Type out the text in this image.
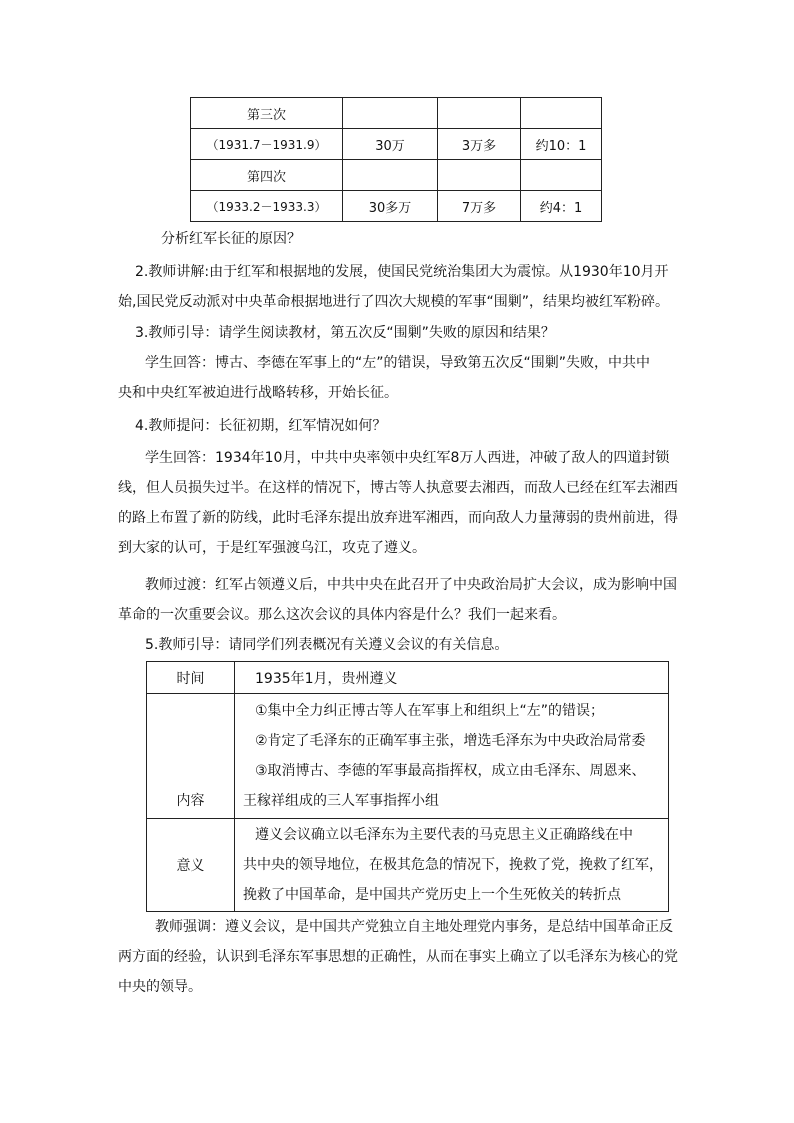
第三次			
（1931.7－1931.9）	30万	3万多	约10：1
第四次			
（1933.2－1933.3）	30多万	7万多	约4：1
分析红军长征的原因？
2.教师讲解:由于红军和根据地的发展，使国民党统治集团大为震惊。从1930年10月开
始,国民党反动派对中央革命根据地进行了四次大规模的军事“围剿”，结果均被红军粉碎。
3.教师引导：请学生阅读教材，第五次反“围剿”失败的原因和结果？
学生回答：博古、李德在军事上的“左”的错误，导致第五次反“围剿”失败，中共中
央和中央红军被迫进行战略转移，开始长征。
4.教师提问：长征初期，红军情况如何？
学生回答：1934年10月，中共中央率领中央红军8万人西进，冲破了敌人的四道封锁
线，但人员损失过半。在这样的情况下，博古等人执意要去湘西，而敌人已经在红军去湘西
的路上布置了新的防线，此时毛泽东提出放弃进军湘西，而向敌人力量薄弱的贵州前进，得
到大家的认可，于是红军强渡乌江，攻克了遵义。
教师过渡：红军占领遵义后，中共中央在此召开了中央政治局扩大会议，成为影响中国
革命的一次重要会议。那么这次会议的具体内容是什么？我们一起来看。
5.教师引导：请同学们列表概况有关遵义会议的有关信息。
时间	1935年1月，贵州遵义

内容	①集中全力纠正博古等人在军事上和组织上“左”的错误；
②肯定了毛泽东的正确军事主张，增选毛泽东为中央政治局常委
③取消博古、李德的军事最高指挥权，成立由毛泽东、周恩来、
王稼祥组成的三人军事指挥小组

意义	遵义会议确立以毛泽东为主要代表的马克思主义正确路线在中
共中央的领导地位，在极其危急的情况下，挽救了党，挽救了红军，
挽救了中国革命，是中国共产党历史上一个生死攸关的转折点
教师强调：遵义会议，是中国共产党独立自主地处理党内事务，是总结中国革命正反
两方面的经验，认识到毛泽东军事思想的正确性，从而在事实上确立了以毛泽东为核心的党
中央的领导。
